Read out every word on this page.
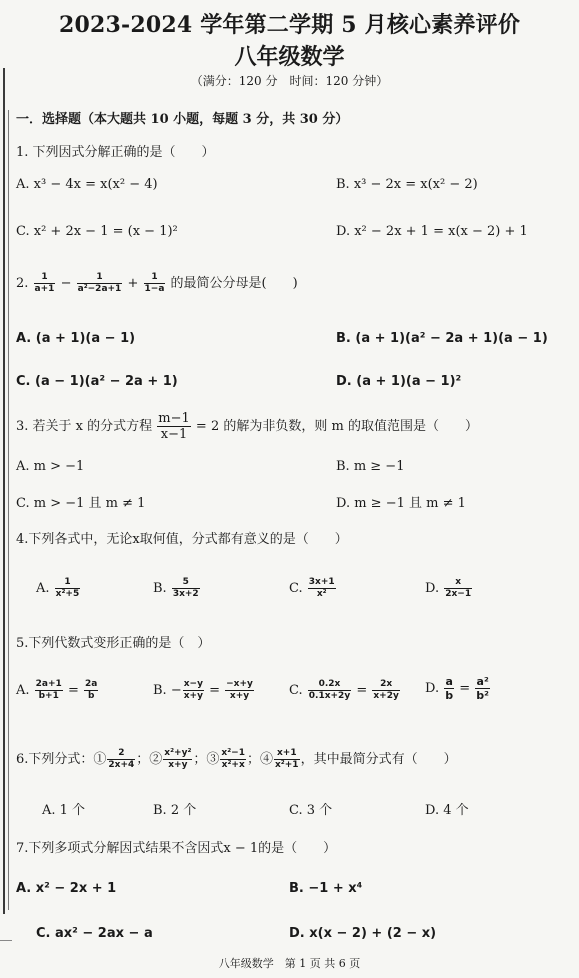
2023-2024 学年第二学期 5 月核心素养评价
八年级数学
（满分：120 分　时间：120 分钟）
一．选择题（本大题共 10 小题，每题 3 分，共 30 分）
1. 下列因式分解正确的是（　　）
A. x³ − 4x = x(x² − 4)	B. x³ − 2x = x(x² − 2)
C. x² + 2x − 1 = (x − 1)²	D. x² − 2x + 1 = x(x − 2) + 1
2. $\frac{1}{a+1} - \frac{1}{\text{a²−2a+1}} + \frac{1}{1-a}$ 的最简公分母是(　　)
A. (a + 1)(a − 1)	B. (a + 1)(a² − 2a + 1)(a − 1)
C. (a − 1)(a² − 2a + 1)	D. (a + 1)(a − 1)²
3. 若关于 x 的分式方程 $\frac{m-1}{x-1} = 2$ 的解为非负数，则 m 的取值范围是（　　）
A. m > −1	B. m ≥ −1
C. m > −1 且 m ≠ 1	D. m ≥ −1 且 m ≠ 1
4.下列各式中，无论x取何值，分式都有意义的是（　　）
A. $\frac{1}{\text{x²+5}}$	B. $\frac{5}{3x+2}$	C. $\frac{3x+1}{\text{x²}}$	D. $\frac{x}{2x-1}$
5.下列代数式变形正确的是（　）
A. $\frac{2a+1}{b+1} = \frac{2a}{b}$	B. − $\frac{x-y}{x+y} = \frac{-x+y}{x+y}$	C. $\frac{0.2x}{0.1x+2y} = \frac{2x}{x+2y} D$. $\frac{a}{b} = \frac{\text{a²}}{\text{b²}}$
6.下列分式：① $\frac{2}{2x+4}$ ；② $\frac{\text{x²+y²}}{x+y}$ ；③ $\frac{\text{x²−1}}{\text{x²+x}}$ ；④ $\frac{x+1}{\text{x²+1}}$ ，其中最简分式有（　　）
A. 1 个	B. 2 个	C. 3 个	D. 4 个
7.下列多项式分解因式结果不含因式x − 1的是（　　）
A. x² − 2x + 1	B. −1 + x⁴
C. ax² − 2ax − a	D. x(x − 2) + (2 − x)
八年级数学　第 1 页 共 6 页
